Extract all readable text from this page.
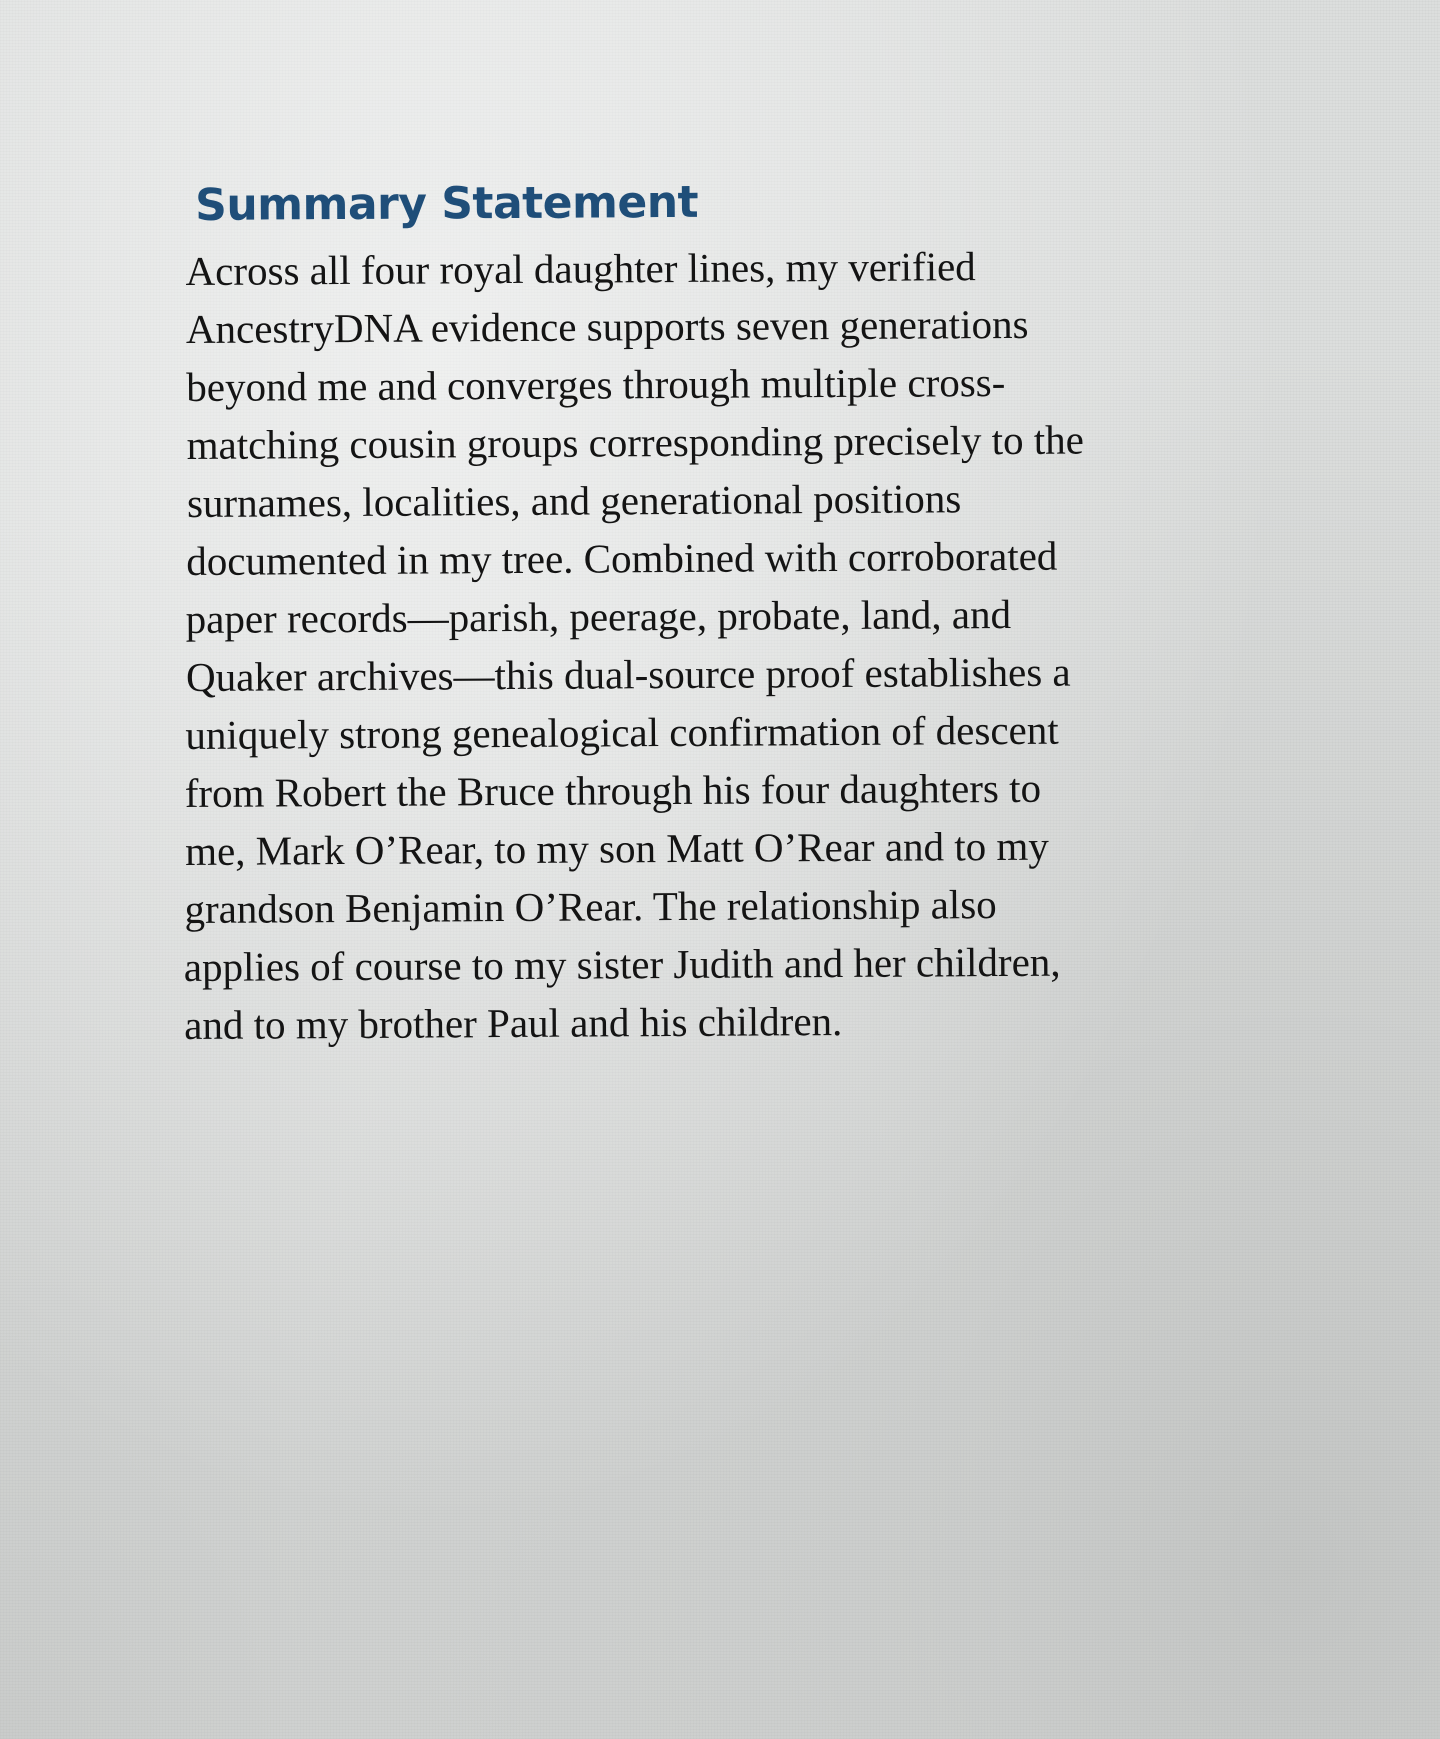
Summary Statement
Across all four royal daughter lines, my verified
AncestryDNA evidence supports seven generations
beyond me and converges through multiple cross-
matching cousin groups corresponding precisely to the
surnames, localities, and generational positions
documented in my tree. Combined with corroborated
paper records—parish, peerage, probate, land, and
Quaker archives—this dual-source proof establishes a
uniquely strong genealogical confirmation of descent
from Robert the Bruce through his four daughters to
me, Mark O’Rear, to my son Matt O’Rear and to my
grandson Benjamin O’Rear. The relationship also
applies of course to my sister Judith and her children,
and to my brother Paul and his children.
